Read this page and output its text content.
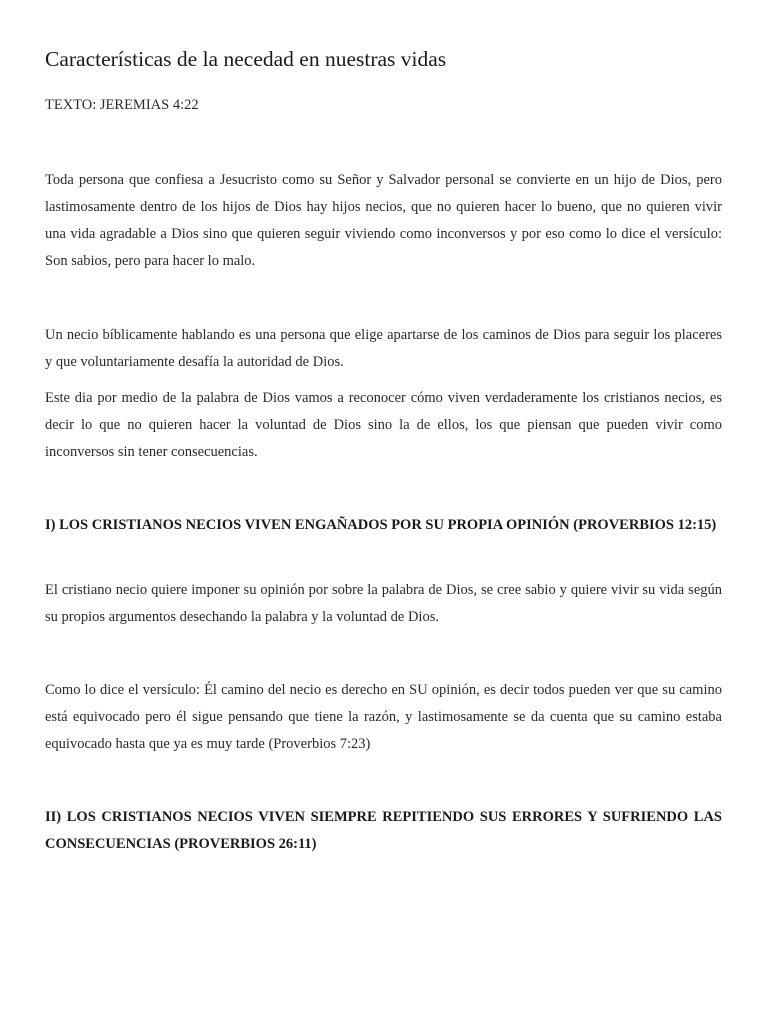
Características de la necedad en nuestras vidas

TEXTO: JEREMIAS 4:22

Toda persona que confiesa a Jesucristo como su Señor y Salvador personal se convierte en un hijo de Dios, pero lastimosamente dentro de los hijos de Dios hay hijos necios, que no quieren hacer lo bueno, que no quieren vivir una vida agradable a Dios sino que quieren seguir viviendo como inconversos y por eso como lo dice el versículo: Son sabios, pero para hacer lo malo.

Un necio bíblicamente hablando es una persona que elige apartarse de los caminos de Dios para seguir los placeres y que voluntariamente desafía la autoridad de Dios.

Este dia por medio de la palabra de Dios vamos a reconocer cómo viven verdaderamente los cristianos necios, es decir lo que no quieren hacer la voluntad de Dios sino la de ellos, los que piensan que pueden vivir como inconversos sin tener consecuencias.

I) LOS CRISTIANOS NECIOS VIVEN ENGAÑADOS POR SU PROPIA OPINIÓN (PROVERBIOS 12:15)

El cristiano necio quiere imponer su opinión por sobre la palabra de Dios, se cree sabio y quiere vivir su vida según su propios argumentos desechando la palabra y la voluntad de Dios.

Como lo dice el versículo: Él camino del necio es derecho en SU opinión, es decir todos pueden ver que su camino está equivocado pero él sigue pensando que tiene la razón, y lastimosamente se da cuenta que su camino estaba equivocado hasta que ya es muy tarde (Proverbios 7:23)

II) LOS CRISTIANOS NECIOS VIVEN SIEMPRE REPITIENDO SUS ERRORES Y SUFRIENDO LAS CONSECUENCIAS (PROVERBIOS 26:11)
